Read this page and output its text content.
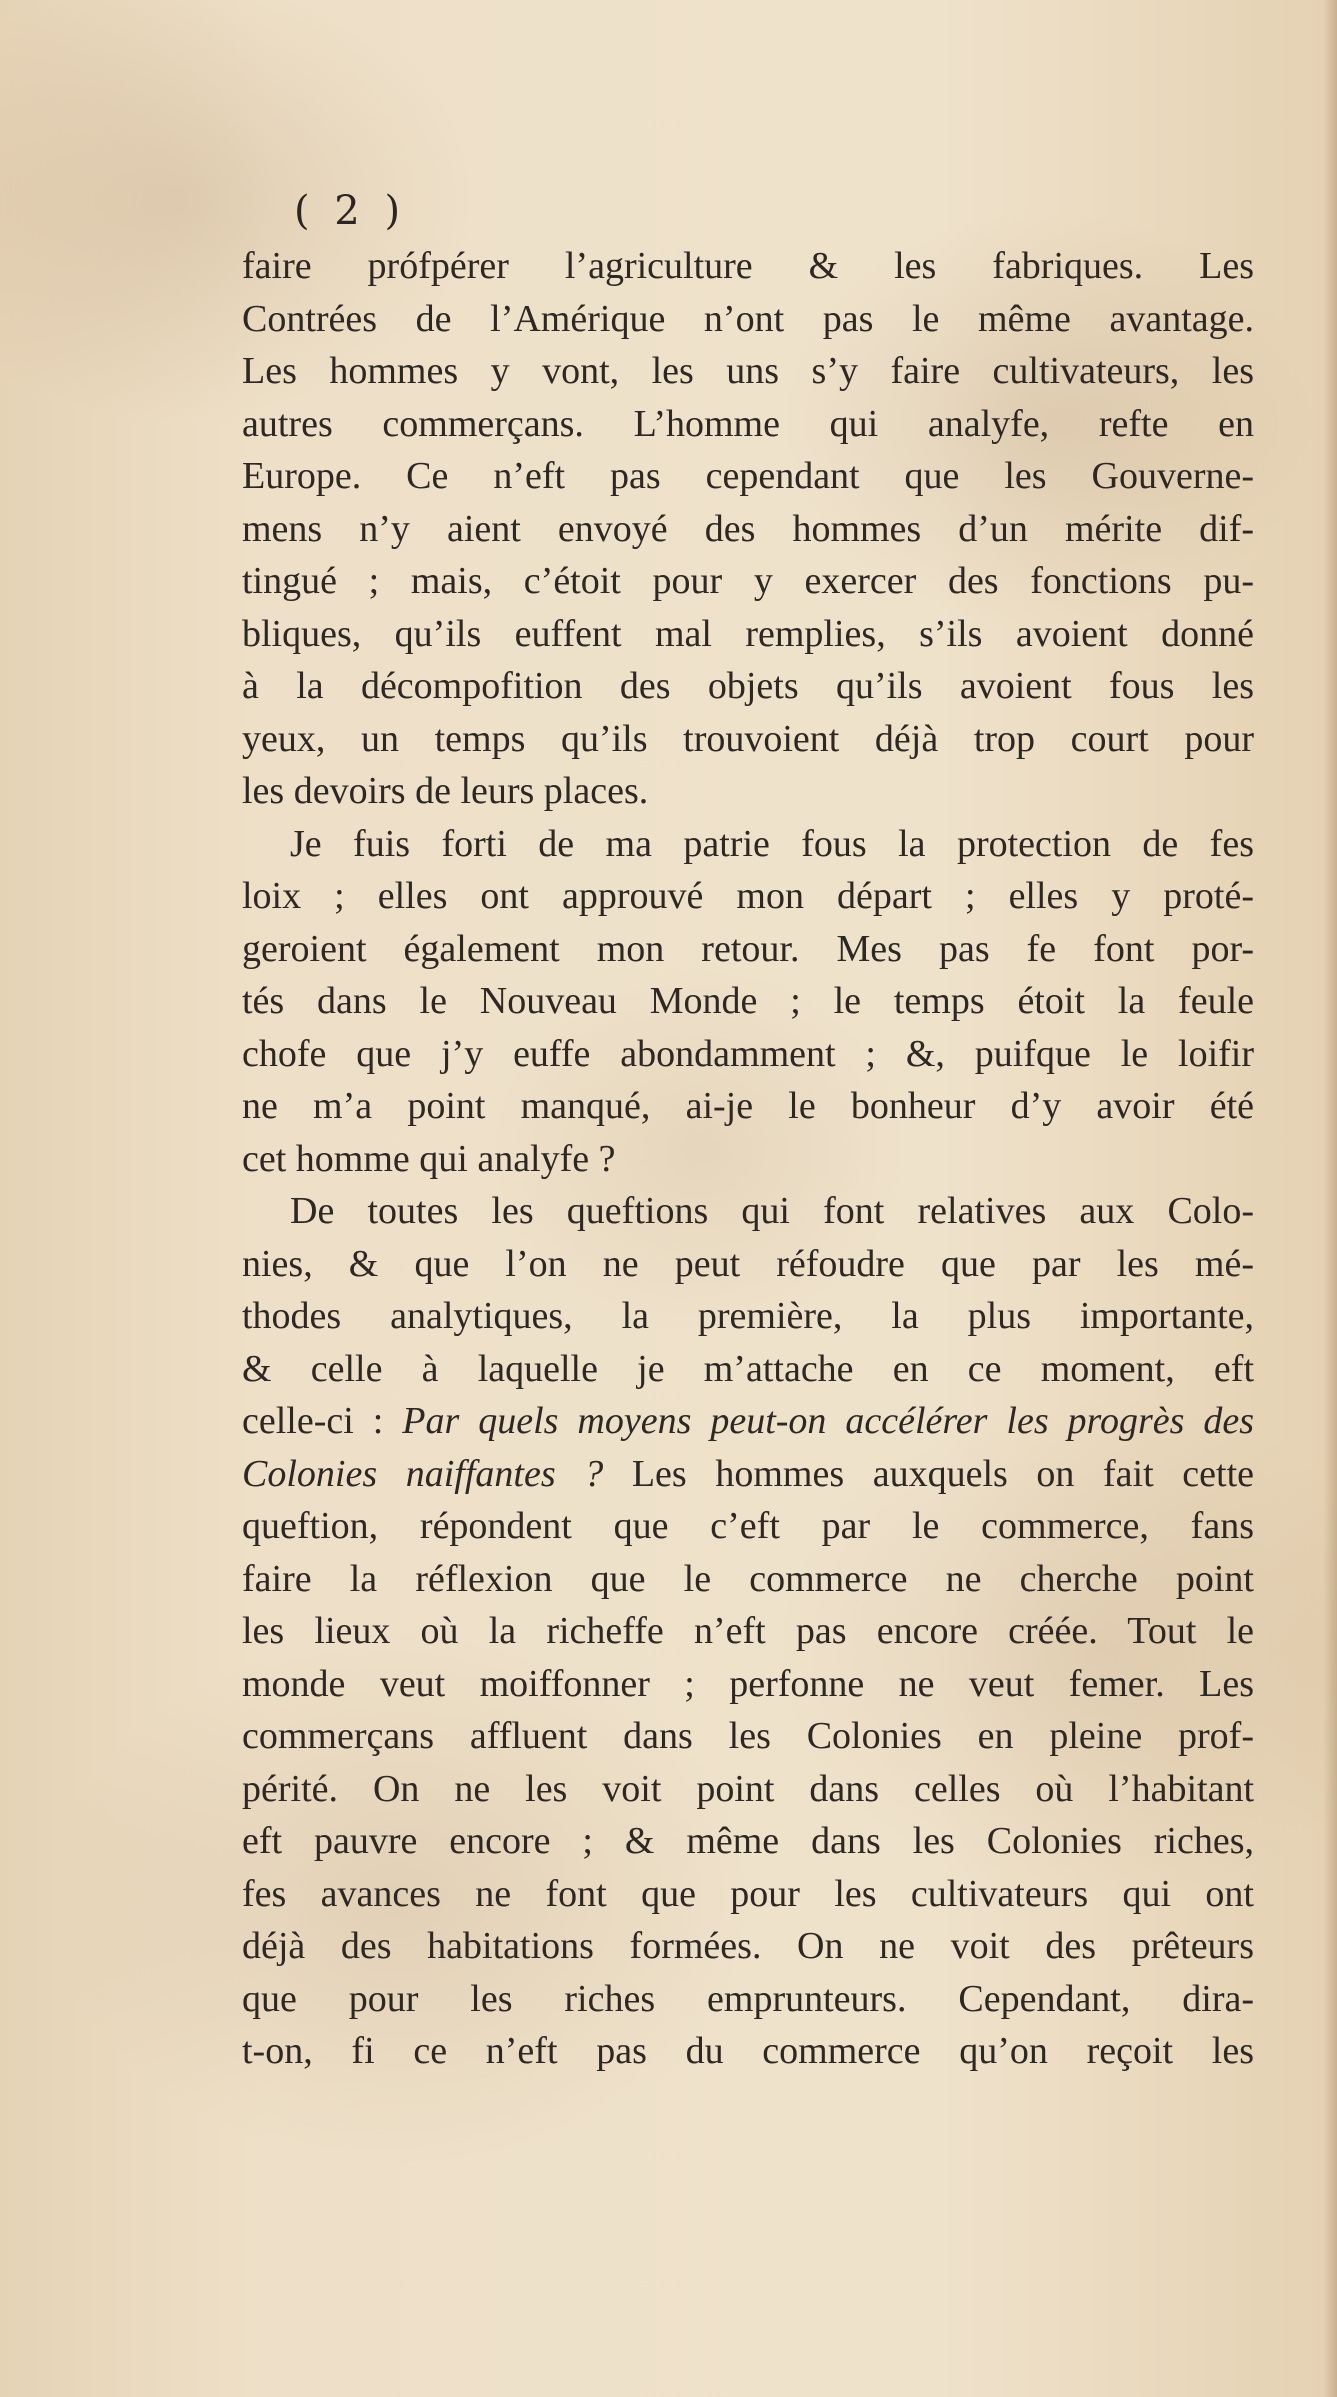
( 2 )
faire prófpérer l’agriculture & les fabriques. Les
Contrées de l’Amérique n’ont pas le même avantage.
Les hommes y vont, les uns s’y faire cultivateurs, les
autres commerçans. L’homme qui analyfe, refte en
Europe. Ce n’eft pas cependant que les Gouverne-
mens n’y aient envoyé des hommes d’un mérite dif-
tingué ; mais, c’étoit pour y exercer des fonctions pu-
bliques, qu’ils euffent mal remplies, s’ils avoient donné
à la décompofition des objets qu’ils avoient fous les
yeux, un temps qu’ils trouvoient déjà trop court pour
les devoirs de leurs places.
Je fuis forti de ma patrie fous la protection de fes
loix ; elles ont approuvé mon départ ; elles y proté-
geroient également mon retour. Mes pas fe font por-
tés dans le Nouveau Monde ; le temps étoit la feule
chofe que j’y euffe abondamment ; &, puifque le loifir
ne m’a point manqué, ai-je le bonheur d’y avoir été
cet homme qui analyfe ?
De toutes les queftions qui font relatives aux Colo-
nies, & que l’on ne peut réfoudre que par les mé-
thodes analytiques, la première, la plus importante,
& celle à laquelle je m’attache en ce moment, eft
celle-ci : Par quels moyens peut-on accélérer les progrès des
Colonies naiffantes ? Les hommes auxquels on fait cette
queftion, répondent que c’eft par le commerce, fans
faire la réflexion que le commerce ne cherche point
les lieux où la richeffe n’eft pas encore créée. Tout le
monde veut moiffonner ; perfonne ne veut femer. Les
commerçans affluent dans les Colonies en pleine prof-
périté. On ne les voit point dans celles où l’habitant
eft pauvre encore ; & même dans les Colonies riches,
fes avances ne font que pour les cultivateurs qui ont
déjà des habitations formées. On ne voit des prêteurs
que pour les riches emprunteurs. Cependant, dira-
t-on, fi ce n’eft pas du commerce qu’on reçoit les
